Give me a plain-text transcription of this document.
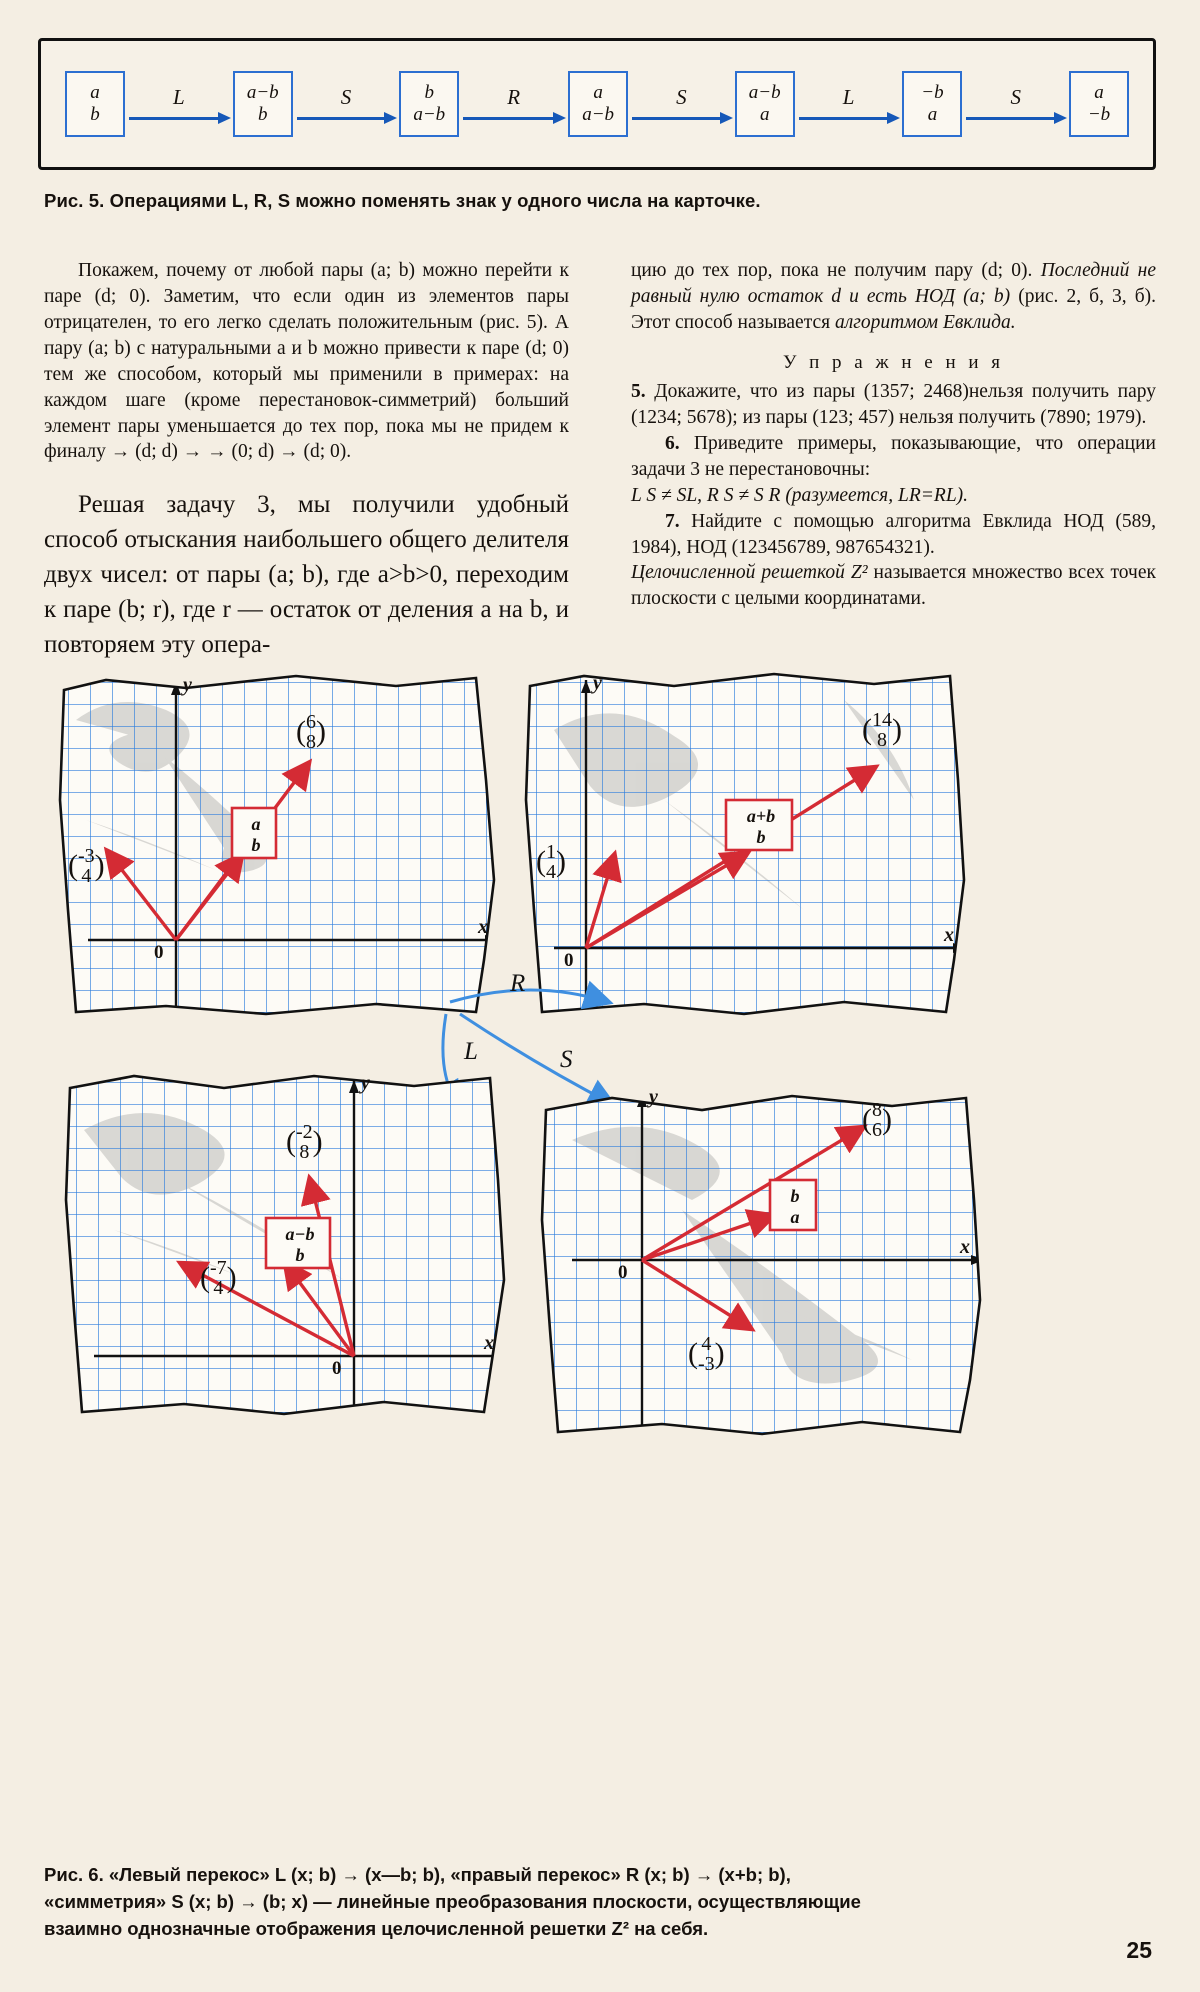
a
b
L	a−b
b
S	b
a−b
R	a
a−b
S	a−b
a
L	−b
a
S	a
−b
Рис. 5. Операциями L, R, S можно поменять знак у одного числа на карточке.

Покажем, почему от любой пары (a; b) можно перейти к паре (d; 0). Заметим, что если один из элементов пары отрицателен, то его легко сделать положительным (рис. 5). А пару (a; b) с натуральными a и b можно привести к паре (d; 0) тем же способом, который мы применили в примерах: на каждом шаге (кроме перестановок-симметрий) больший элемент пары уменьшается до тех пор, пока мы не придем к финалу → (d; d) → → (0; d) → (d; 0).

Решая задачу 3, мы получили удобный способ отыскания наибольшего общего делителя двух чисел: от пары (a; b), где a>b>0, переходим к паре (b; r), где r — остаток от деления a на b, и повторяем эту опера-

цию до тех пор, пока не получим пару (d; 0). Последний не равный нулю остаток d и есть НОД (a; b) (рис. 2, б, 3, б). Этот способ называется алгоритмом Евклида.

У п р а ж н е н и я

5. Докажите, что из пары (1357; 2468)нельзя получить пару (1234; 5678); из пары (123; 457) нельзя получить (7890; 1979).

6. Приведите примеры, показывающие, что операции задачи 3 не перестановочны:

L S ≠ SL, R S ≠ S R (разумеется, LR=RL).

7. Найдите с помощью алгоритма Евклида НОД (589, 1984), НОД (123456789, 987654321).

Целочисленной решеткой Z² называется множество всех точек плоскости с целыми координатами.

a
b
( 6
8 )
( -3
4 )
0
x
y
a+b
b
( 14
8 )
( 1
4 )
0
x
y
R
L	S
a−b
b
( -2
8 )
( -7
4 )
0
x
y
b
a
( 8
6 )
( 4
-3 )
0
x
y
Рис. 6. «Левый перекос» L (x; b) → (x—b; b), «правый перекос» R (x; b) → (x+b; b),
«симметрия» S (x; b) → (b; x) — линейные преобразования плоскости, осуществляющие
взаимно однозначные отображения целочисленной решетки Z² на себя.
25
